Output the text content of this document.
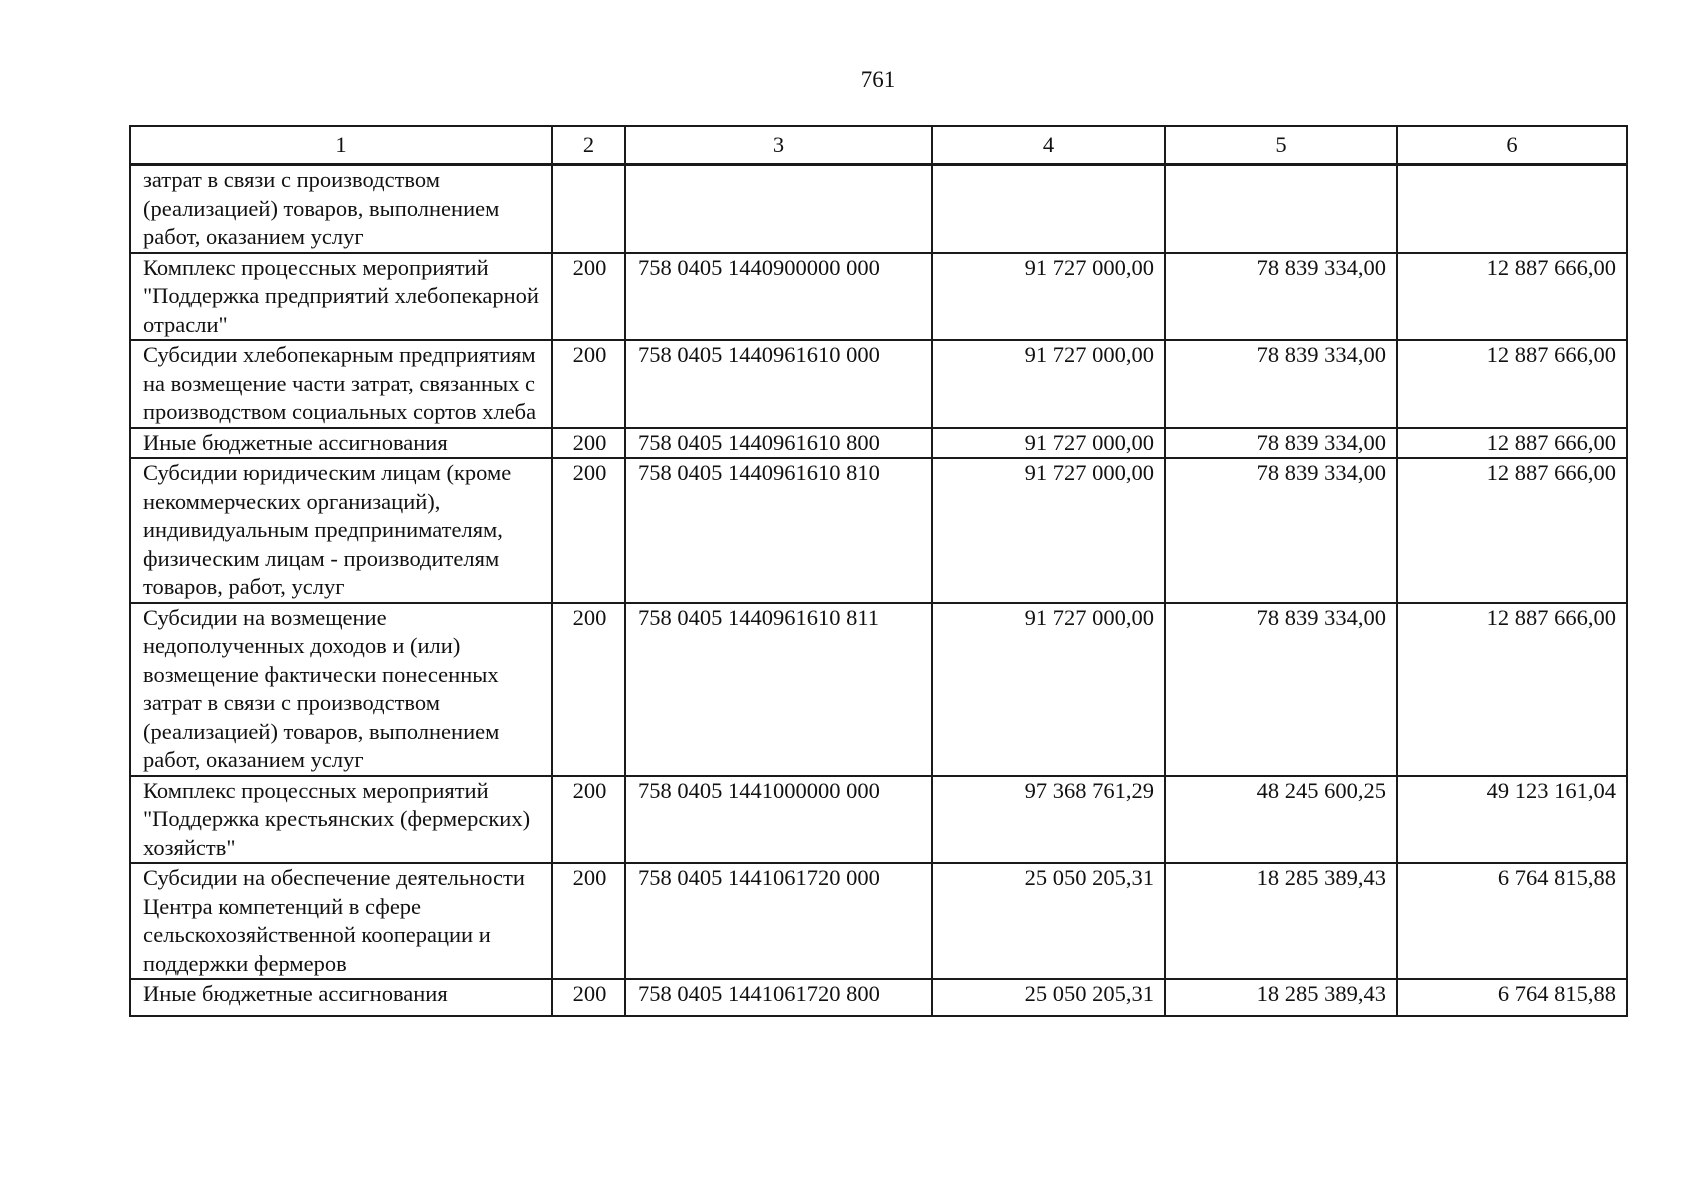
761
1	2	3	4	5	6
затрат в связи с производством (реализацией) товаров, выполнением работ, оказанием услуг					
Комплекс процессных мероприятий "Поддержка предприятий хлебопекарной отрасли"	200	758 0405 1440900000 000	91 727 000,00	78 839 334,00	12 887 666,00
Субсидии хлебопекарным предприятиям на возмещение части затрат, связанных с производством социальных сортов хлеба	200	758 0405 1440961610 000	91 727 000,00	78 839 334,00	12 887 666,00
Иные бюджетные ассигнования	200	758 0405 1440961610 800	91 727 000,00	78 839 334,00	12 887 666,00
Субсидии юридическим лицам (кроме некоммерческих организаций), индивидуальным предпринимателям, физическим лицам - производителям товаров, работ, услуг	200	758 0405 1440961610 810	91 727 000,00	78 839 334,00	12 887 666,00
Субсидии на возмещение недополученных доходов и (или) возмещение фактически понесенных затрат в связи с производством (реализацией) товаров, выполнением работ, оказанием услуг	200	758 0405 1440961610 811	91 727 000,00	78 839 334,00	12 887 666,00
Комплекс процессных мероприятий "Поддержка крестьянских (фермерских) хозяйств"	200	758 0405 1441000000 000	97 368 761,29	48 245 600,25	49 123 161,04
Субсидии на обеспечение деятельности Центра компетенций в сфере сельскохозяйственной кооперации и поддержки фермеров	200	758 0405 1441061720 000	25 050 205,31	18 285 389,43	6 764 815,88
Иные бюджетные ассигнования	200	758 0405 1441061720 800	25 050 205,31	18 285 389,43	6 764 815,88
